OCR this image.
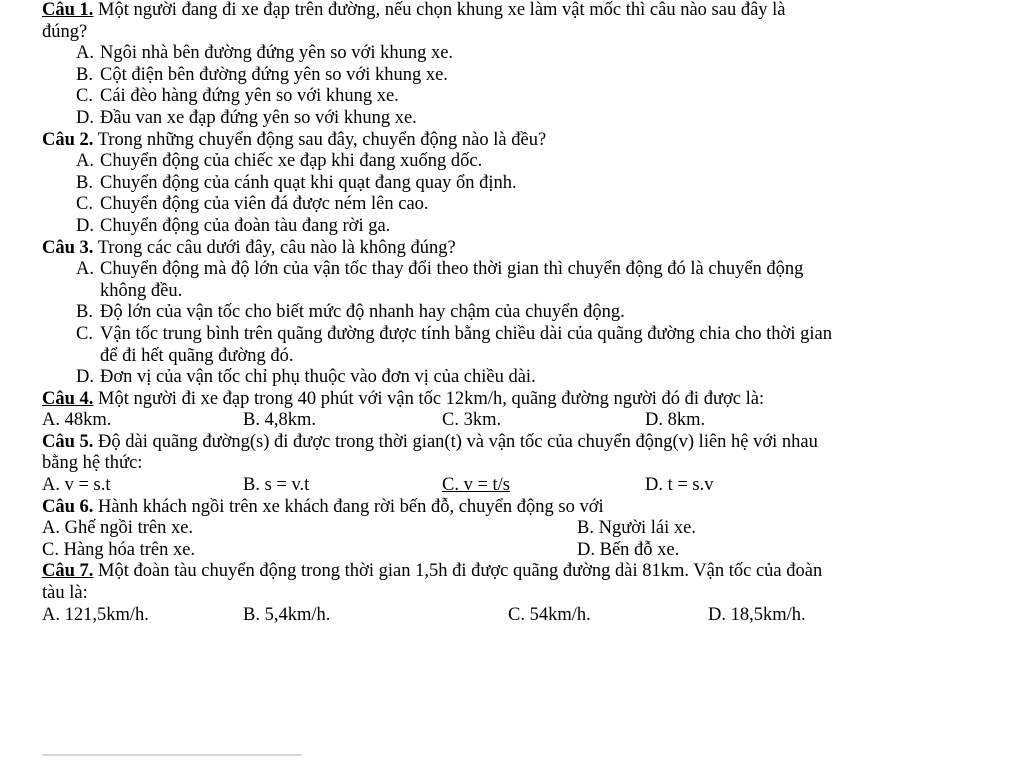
Câu 1. Một người đang đi xe đạp trên đường, nếu chọn khung xe làm vật mốc thì câu nào sau đây là

đúng?

A. Ngôi nhà bên đường đứng yên so với khung xe.

B. Cột điện bên đường đứng yên so với khung xe.

C. Cái đèo hàng đứng yên so với khung xe.

D. Đầu van xe đạp đứng yên so với khung xe.

Câu 2. Trong những chuyển động sau đây, chuyển động nào là đều?

A. Chuyển động của chiếc xe đạp khi đang xuống dốc.

B. Chuyển động của cánh quạt khi quạt đang quay ổn định.

C. Chuyển động của viên đá được ném lên cao.

D. Chuyển động của đoàn tàu đang rời ga.

Câu 3. Trong các câu dưới đây, câu nào là không đúng?

A. Chuyển động mà độ lớn của vận tốc thay đổi theo thời gian thì chuyển động đó là chuyển động

không đều.

B. Độ lớn của vận tốc cho biết mức độ nhanh hay chậm của chuyển động.

C. Vận tốc trung bình trên quãng đường được tính bằng chiều dài của quãng đường chia cho thời gian

để đi hết quãng đường đó.

D. Đơn vị của vận tốc chỉ phụ thuộc vào đơn vị của chiều dài.

Câu 4. Một người đi xe đạp trong 40 phút với vận tốc 12km/h, quãng đường người đó đi được là:

A. 48km.	B. 4,8km.	C. 3km.	D. 8km.

Câu 5. Độ dài quãng đường(s) đi được trong thời gian(t) và vận tốc của chuyển động(v) liên hệ với nhau

bằng hệ thức:

A. v = s.t	B. s = v.t	C. v = t/s	D. t = s.v

Câu 6. Hành khách ngồi trên xe khách đang rời bến đỗ, chuyển động so với

A. Ghế ngồi trên xe.	B. Người lái xe.
C. Hàng hóa trên xe.	D. Bến đỗ xe.

Câu 7. Một đoàn tàu chuyển động trong thời gian 1,5h đi được quãng đường dài 81km. Vận tốc của đoàn

tàu là:

A. 121,5km/h.	B. 5,4km/h.	C. 54km/h.	D. 18,5km/h.
